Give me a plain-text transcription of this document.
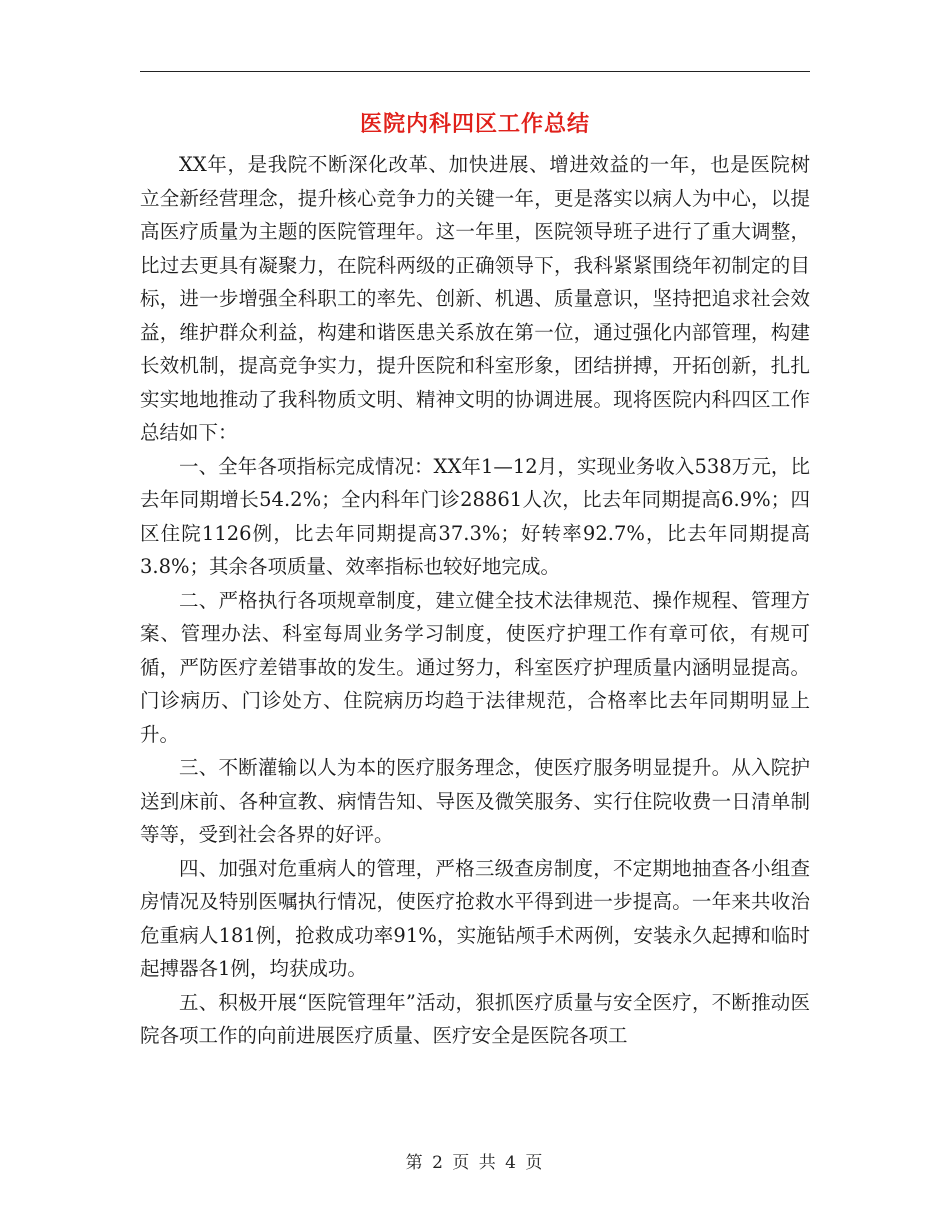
医院内科四区工作总结

XX年，是我院不断深化改革、加快进展、增进效益的一年，也是医院树立全新经营理念，提升核心竞争力的关键一年，更是落实以病人为中心，以提高医疗质量为主题的医院管理年。这一年里，医院领导班子进行了重大调整，比过去更具有凝聚力，在院科两级的正确领导下，我科紧紧围绕年初制定的目标，进一步增强全科职工的率先、创新、机遇、质量意识，坚持把追求社会效益，维护群众利益，构建和谐医患关系放在第一位，通过强化内部管理，构建长效机制，提高竞争实力，提升医院和科室形象，团结拼搏，开拓创新，扎扎实实地地推动了我科物质文明、精神文明的协调进展。现将医院内科四区工作总结如下：

一、全年各项指标完成情况：XX年1—12月，实现业务收入538万元，比去年同期增长54.2%；全内科年门诊28861人次，比去年同期提高6.9%；四区住院1126例，比去年同期提高37.3%；好转率92.7%，比去年同期提高3.8%；其余各项质量、效率指标也较好地完成。

二、严格执行各项规章制度，建立健全技术法律规范、操作规程、管理方案、管理办法、科室每周业务学习制度，使医疗护理工作有章可依，有规可循，严防医疗差错事故的发生。通过努力，科室医疗护理质量内涵明显提高。门诊病历、门诊处方、住院病历均趋于法律规范，合格率比去年同期明显上升。

三、不断灌输以人为本的医疗服务理念，使医疗服务明显提升。从入院护送到床前、各种宣教、病情告知、导医及微笑服务、实行住院收费一日清单制等等，受到社会各界的好评。

四、加强对危重病人的管理，严格三级查房制度，不定期地抽查各小组查房情况及特别医嘱执行情况，使医疗抢救水平得到进一步提高。一年来共收治危重病人181例，抢救成功率91%，实施钻颅手术两例，安装永久起搏和临时起搏器各1例，均获成功。

五、积极开展“医院管理年”活动，狠抓医疗质量与安全医疗，不断推动医院各项工作的向前进展医疗质量、医疗安全是医院各项工

第 2 页 共 4 页
